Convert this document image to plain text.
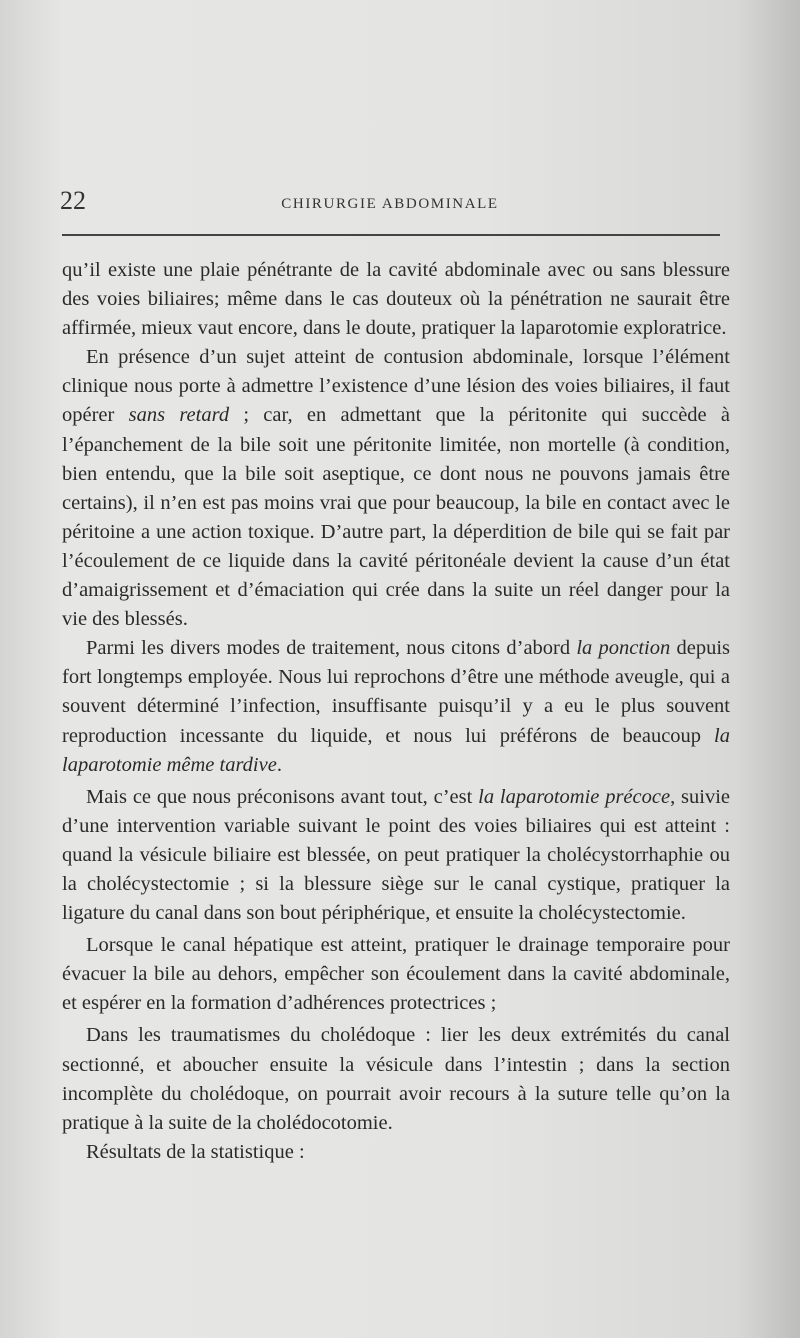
22	CHIRURGIE ABDOMINALE

qu’il existe une plaie pénétrante de la cavité abdominale avec ou sans blessure des voies biliaires; même dans le cas douteux où la pénétration ne saurait être affirmée, mieux vaut encore, dans le doute, pratiquer la laparotomie exploratrice.

En présence d’un sujet atteint de contusion abdominale, lorsque l’élément clinique nous porte à admettre l’existence d’une lésion des voies biliaires, il faut opérer sans retard ; car, en admettant que la péritonite qui succède à l’épanchement de la bile soit une péritonite limitée, non mortelle (à condition, bien entendu, que la bile soit aseptique, ce dont nous ne pouvons jamais être certains), il n’en est pas moins vrai que pour beaucoup, la bile en contact avec le péritoine a une action toxique. D’autre part, la déperdition de bile qui se fait par l’écoulement de ce liquide dans la cavité péritonéale devient la cause d’un état d’amaigrissement et d’émaciation qui crée dans la suite un réel danger pour la vie des blessés.

Parmi les divers modes de traitement, nous citons d’abord la ponction depuis fort longtemps employée. Nous lui reprochons d’être une méthode aveugle, qui a souvent déterminé l’infection, insuffisante puisqu’il y a eu le plus souvent reproduction incessante du liquide, et nous lui préférons de beaucoup la laparotomie même tardive.

Mais ce que nous préconisons avant tout, c’est la laparotomie précoce, suivie d’une intervention variable suivant le point des voies biliaires qui est atteint : quand la vésicule biliaire est blessée, on peut pratiquer la cholécystorrhaphie ou la cholécystectomie ; si la blessure siège sur le canal cystique, pratiquer la ligature du canal dans son bout périphérique, et ensuite la cholécystectomie.

Lorsque le canal hépatique est atteint, pratiquer le drainage temporaire pour évacuer la bile au dehors, empêcher son écoulement dans la cavité abdominale, et espérer en la formation d’adhérences protectrices ;

Dans les traumatismes du cholédoque : lier les deux extrémités du canal sectionné, et aboucher ensuite la vésicule dans l’intestin ; dans la section incomplète du cholédoque, on pourrait avoir recours à la suture telle qu’on la pratique à la suite de la cholédocotomie.

Résultats de la statistique :
